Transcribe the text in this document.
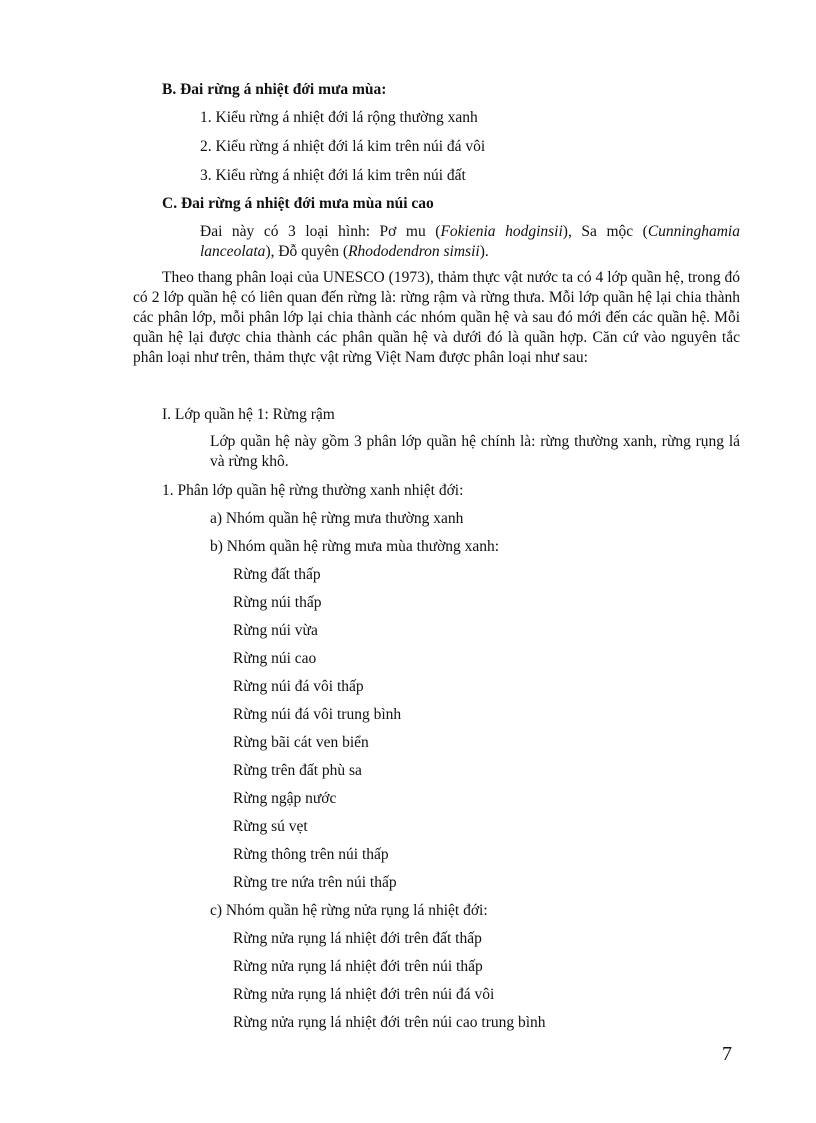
B. Đai rừng á nhiệt đới mưa mùa:
1. Kiểu rừng á nhiệt đới lá rộng thường xanh
2. Kiểu rừng á nhiệt đới lá kim trên núi đá vôi
3. Kiểu rừng á nhiệt đới lá kim trên núi đất
C. Đai rừng á nhiệt đới mưa mùa núi cao
Đai này có 3 loại hình: Pơ mu (Fokienia hodginsii), Sa mộc (Cunninghamia lanceolata), Đỗ quyên (Rhododendron simsii).
Theo thang phân loại của UNESCO (1973), thảm thực vật nước ta có 4 lớp quần hệ, trong đó có 2 lớp quần hệ có liên quan đến rừng là: rừng rậm và rừng thưa. Mỗi lớp quần hệ lại chia thành các phân lớp, mỗi phân lớp lại chia thành các nhóm quần hệ và sau đó mới đến các quần hệ. Mỗi quần hệ lại được chia thành các phân quần hệ và dưới đó là quần hợp. Căn cứ vào nguyên tắc phân loại như trên, thảm thực vật rừng Việt Nam được phân loại như sau:
I. Lớp quần hệ 1: Rừng rậm
Lớp quần hệ này gồm 3 phân lớp quần hệ chính là: rừng thường xanh, rừng rụng lá và rừng khô.
1. Phân lớp quần hệ rừng thường xanh nhiệt đới:
a) Nhóm quần hệ rừng mưa thường xanh
b) Nhóm quần hệ rừng mưa mùa thường xanh:
Rừng đất thấp
Rừng núi thấp
Rừng núi vừa
Rừng núi cao
Rừng núi đá vôi thấp
Rừng núi đá vôi trung bình
Rừng bãi cát ven biển
Rừng trên đất phù sa
Rừng ngập nước
Rừng sú vẹt
Rừng thông trên núi thấp
Rừng tre nứa trên núi thấp
c) Nhóm quần hệ rừng nửa rụng lá nhiệt đới:
Rừng nửa rụng lá nhiệt đới trên đất thấp
Rừng nửa rụng lá nhiệt đới trên núi thấp
Rừng nửa rụng lá nhiệt đới trên núi đá vôi
Rừng nửa rụng lá nhiệt đới trên núi cao trung bình
7
